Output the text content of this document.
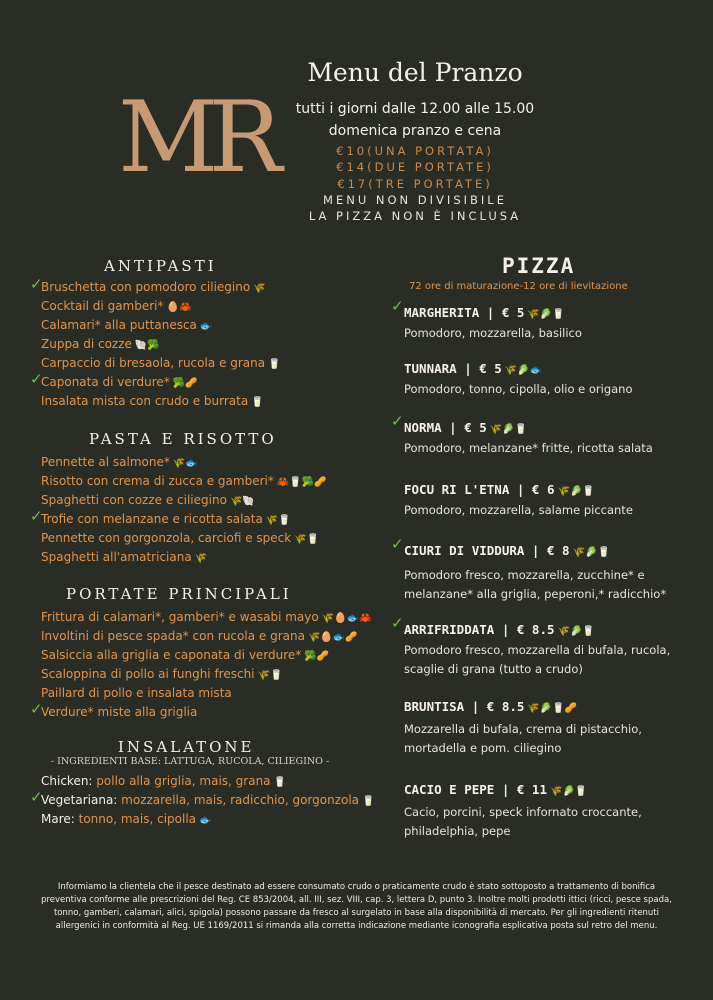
MR
Menu del Pranzo
tutti i giorni dalle 12.00 alle 15.00
domenica pranzo e cena
€10(UNA PORTATA)
€14(DUE PORTATE)
€17(TRE PORTATE)
MENU NON DIVISIBILE
LA PIZZA NON È INCLUSA
ANTIPASTI
✓
Bruschetta con pomodoro ciliegino 🌾
Cocktail di gamberi* 🥚🦀
Calamari* alla puttanesca 🐟
Zuppa di cozze 🐚🥦
Carpaccio di bresaola, rucola e grana 🥛
✓
Caponata di verdure* 🥦🥜
Insalata mista con crudo e burrata 🥛
PASTA E RISOTTO
Pennette al salmone* 🌾🐟
Risotto con crema di zucca e gamberi* 🦀🥛🥦🥜
Spaghetti con cozze e ciliegino 🌾🐚
✓
Trofie con melanzane e ricotta salata 🌾🥛
Pennette con gorgonzola, carciofi e speck 🌾🥛
Spaghetti all'amatriciana 🌾
PORTATE PRINCIPALI
Frittura di calamari*, gamberi* e wasabi mayo 🌾🥚🐟🦀
Involtini di pesce spada* con rucola e grana 🌾🥚🐟🥜
Salsiccia alla griglia e caponata di verdure* 🥦🥜
Scaloppina di pollo ai funghi freschi 🌾🥛
Paillard di pollo e insalata mista
✓
Verdure* miste alla griglia
INSALATONE
- INGREDIENTI BASE: LATTUGA, RUCOLA, CILIEGINO -
Chicken: pollo alla griglia, mais, grana 🥛
✓
Vegetariana: mozzarella, mais, radicchio, gorgonzola 🥛
Mare: tonno, mais, cipolla 🐟
PIZZA
72 ore di maturazione-12 ore di lievitazione
✓ MARGHERITA | € 5 🌾🥬🥛
Pomodoro, mozzarella, basilico
TUNNARA | € 5 🌾🥬🐟
Pomodoro, tonno, cipolla, olio e origano
✓ NORMA | € 5 🌾🥬🥛
Pomodoro, melanzane* fritte, ricotta salata
FOCU RI L'ETNA | € 6 🌾🥬🥛
Pomodoro, mozzarella, salame piccante
✓ CIURI DI VIDDURA | € 8 🌾🥬🥛
Pomodoro fresco, mozzarella, zucchine* e melanzane* alla griglia, peperoni,* radicchio*
✓ ARRIFRIDDATA | € 8.5 🌾🥬🥛
Pomodoro fresco, mozzarella di bufala, rucola, scaglie di grana (tutto a crudo)
BRUNTISA | € 8.5 🌾🥬🥛🥜
Mozzarella di bufala, crema di pistacchio, mortadella e pom. ciliegino
CACIO E PEPE | € 11 🌾🥬🥛
Cacio, porcini, speck infornato croccante, philadelphia, pepe
Informiamo la clientela che il pesce destinato ad essere consumato crudo o praticamente crudo è stato sottoposto a trattamento di bonifica preventiva conforme alle prescrizioni del Reg. CE 853/2004, all. III, sez. VIII, cap. 3, lettera D, punto 3. Inoltre molti prodotti ittici (ricci, pesce spada, tonno, gamberi, calamari, alici, spigola) possono passare da fresco al surgelato in base alla disponibilità di mercato. Per gli ingredienti ritenuti allergenici in conformità al Reg. UE 1169/2011 si rimanda alla corretta indicazione mediante iconografia esplicativa posta sul retro del menu.
